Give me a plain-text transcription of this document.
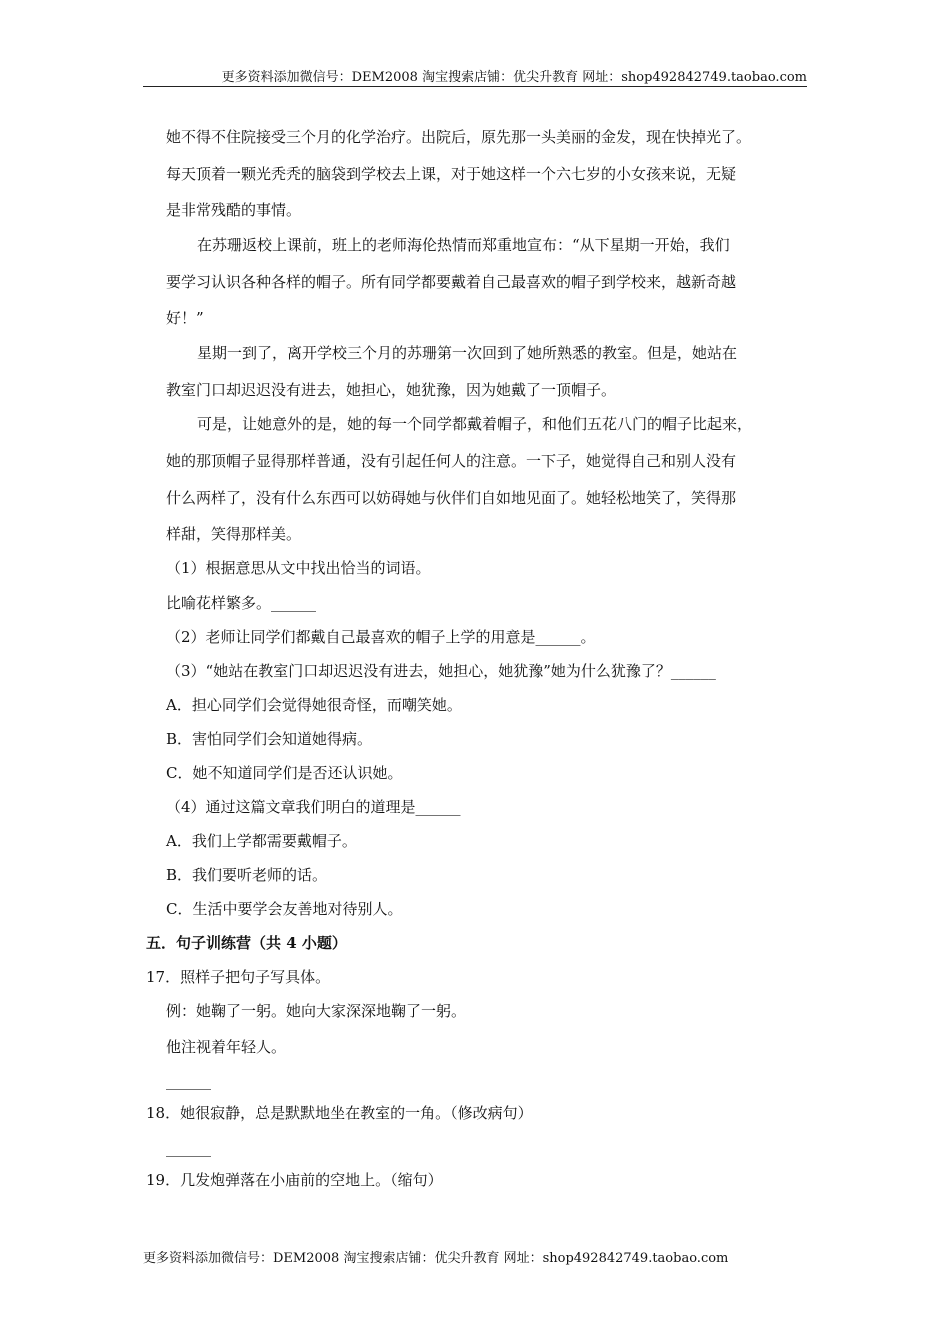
更多资料添加微信号：DEM2008 淘宝搜索店铺：优尖升教育 网址：shop492842749.taobao.com
她不得不住院接受三个月的化学治疗。出院后，原先那一头美丽的金发，现在快掉光了。
每天顶着一颗光秃秃的脑袋到学校去上课，对于她这样一个六七岁的小女孩来说，无疑
是非常残酷的事情。
在苏珊返校上课前，班上的老师海伦热情而郑重地宣布：“从下星期一开始，我们
要学习认识各种各样的帽子。所有同学都要戴着自己最喜欢的帽子到学校来，越新奇越
好！”
星期一到了，离开学校三个月的苏珊第一次回到了她所熟悉的教室。但是，她站在
教室门口却迟迟没有进去，她担心，她犹豫，因为她戴了一顶帽子。
可是，让她意外的是，她的每一个同学都戴着帽子，和他们五花八门的帽子比起来，
她的那顶帽子显得那样普通，没有引起任何人的注意。一下子，她觉得自己和别人没有
什么两样了，没有什么东西可以妨碍她与伙伴们自如地见面了。她轻松地笑了，笑得那
样甜，笑得那样美。
（1）根据意思从文中找出恰当的词语。
比喻花样繁多。______
（2）老师让同学们都戴自己最喜欢的帽子上学的用意是______。
（3）“她站在教室门口却迟迟没有进去，她担心，她犹豫”她为什么犹豫了？______
A．担心同学们会觉得她很奇怪，而嘲笑她。
B．害怕同学们会知道她得病。
C．她不知道同学们是否还认识她。
（4）通过这篇文章我们明白的道理是______
A．我们上学都需要戴帽子。
B．我们要听老师的话。
C．生活中要学会友善地对待别人。
五．句子训练营（共 4 小题）
17．照样子把句子写具体。
例：她鞠了一躬。她向大家深深地鞠了一躬。
他注视着年轻人。
______
18．她很寂静，总是默默地坐在教室的一角。（修改病句）
______
19．几发炮弹落在小庙前的空地上。（缩句）
更多资料添加微信号：DEM2008 淘宝搜索店铺：优尖升教育 网址：shop492842749.taobao.com
